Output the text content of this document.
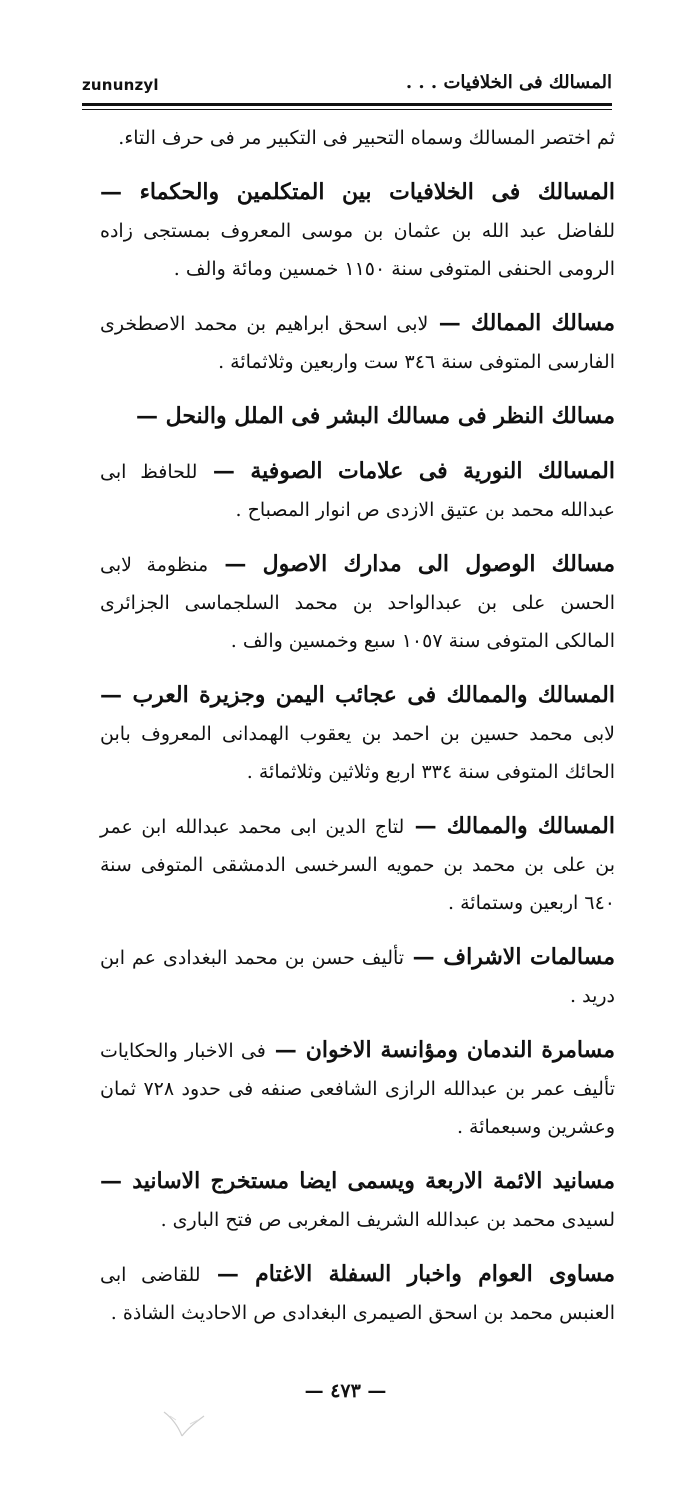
zununzyl	المسالك فى الخلافيات . . .

ثم اختصر المسالك وسماه التحبير فى التكبير مر فى حرف التاء.

المسالك فى الخلافيات بين المتكلمين والحكماء — للفاضل عبد الله بن عثمان بن موسى المعروف بمستجى زاده الرومى الحنفى المتوفى سنة ١١٥٠ خمسين ومائة والف .

مسالك الممالك — لابى اسحق ابراهيم بن محمد الاصطخرى الفارسى المتوفى سنة ٣٤٦ ست واربعين وثلاثمائة .

مسالك النظر فى مسالك البشر فى الملل والنحل —

المسالك النورية فى علامات الصوفية — للحافظ ابى عبدالله محمد بن عتيق الازدى ص انوار المصباح .

مسالك الوصول الى مدارك الاصول — منظومة لابى الحسن على بن عبدالواحد بن محمد السلجماسى الجزائرى المالكى المتوفى سنة ١٠٥٧ سبع وخمسين والف .

المسالك والممالك فى عجائب اليمن وجزيرة العرب — لابى محمد حسين بن احمد بن يعقوب الهمدانى المعروف بابن الحائك المتوفى سنة ٣٣٤ اربع وثلاثين وثلاثمائة .

المسالك والممالك — لتاج الدين ابى محمد عبدالله ابن عمر بن على بن محمد بن حمويه السرخسى الدمشقى المتوفى سنة ٦٤٠ اربعين وستمائة .

مسالمات الاشراف — تأليف حسن بن محمد البغدادى عم ابن دريد .

مسامرة الندمان ومؤانسة الاخوان — فى الاخبار والحكايات تأليف عمر بن عبدالله الرازى الشافعى صنفه فى حدود ٧٢٨ ثمان وعشرين وسبعمائة .

مسانيد الائمة الاربعة ويسمى ايضا مستخرج الاسانيد — لسيدى محمد بن عبدالله الشريف المغربى ص فتح البارى .

مساوى العوام واخبار السفلة الاغتام — للقاضى ابى العنبس محمد بن اسحق الصيمرى البغدادى ص الاحاديث الشاذة .

— ٤٧٣ —
